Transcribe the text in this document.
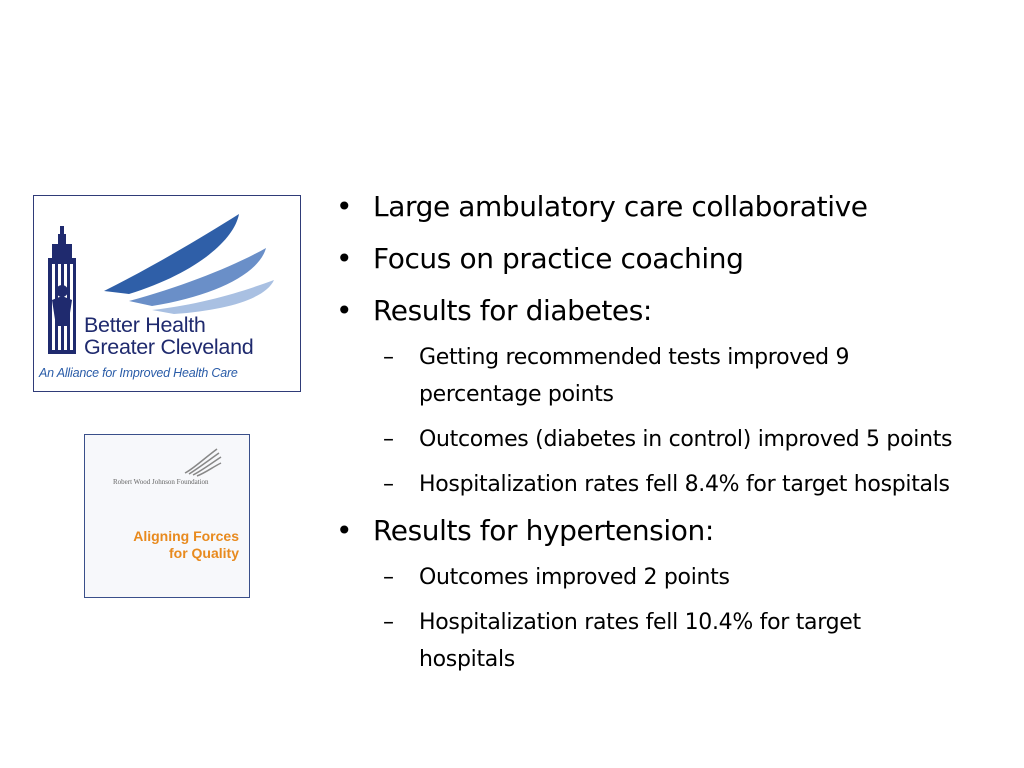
Better Health
Greater Cleveland
An Alliance for Improved Health Care
Robert Wood Johnson Foundation
Aligning Forces
for Quality
• Large ambulatory care collaborative
• Focus on practice coaching
• Results for diabetes:
– Getting recommended tests improved 9 percentage points
– Outcomes (diabetes in control) improved 5 points
– Hospitalization rates fell 8.4% for target hospitals
• Results for hypertension:
– Outcomes improved 2 points
– Hospitalization rates fell 10.4% for target hospitals
